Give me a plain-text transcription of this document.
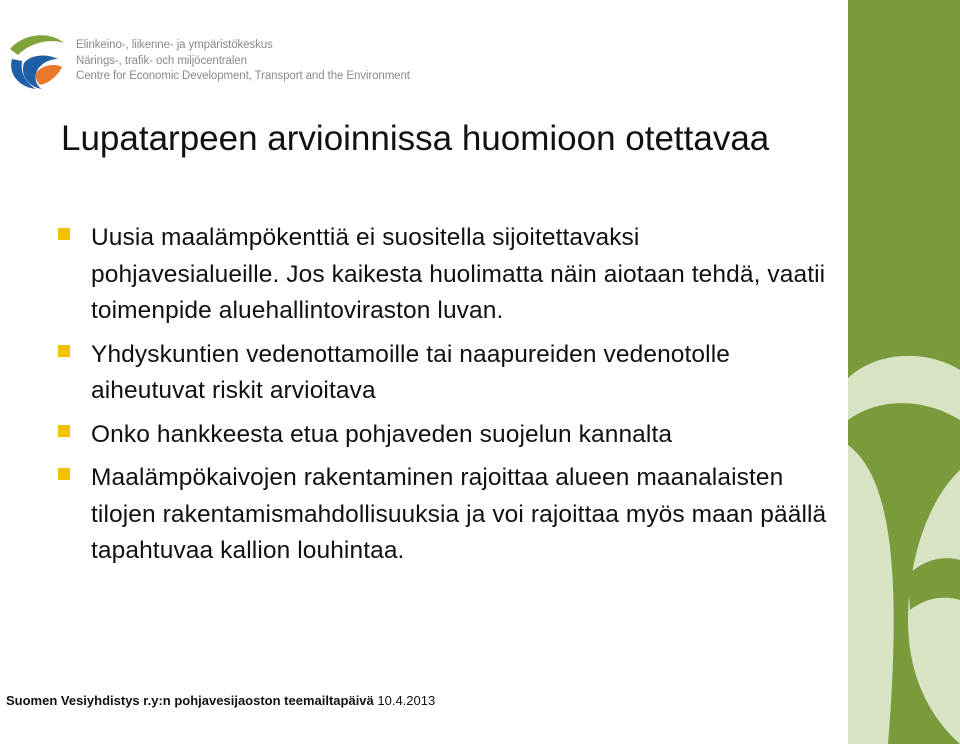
Elinkeino-, liikenne- ja ympäristökeskus
Närings-, trafik- och miljöcentralen
Centre for Economic Development, Transport and the Environment
Lupatarpeen arvioinnissa huomioon otettavaa
Uusia maalämpökenttiä ei suositella sijoitettavaksi pohjavesialueille. Jos kaikesta huolimatta näin aiotaan tehdä, vaatii toimenpide aluehallintoviraston luvan.
Yhdyskuntien vedenottamoille tai naapureiden vedenotolle aiheutuvat riskit arvioitava
Onko hankkeesta etua pohjaveden suojelun kannalta
Maalämpökaivojen rakentaminen rajoittaa alueen maanalaisten tilojen rakentamismahdollisuuksia ja voi rajoittaa myös maan päällä tapahtuvaa kallion louhintaa.
Suomen Vesiyhdistys r.y:n pohjavesijaoston teemailtapäivä 10.4.2013
